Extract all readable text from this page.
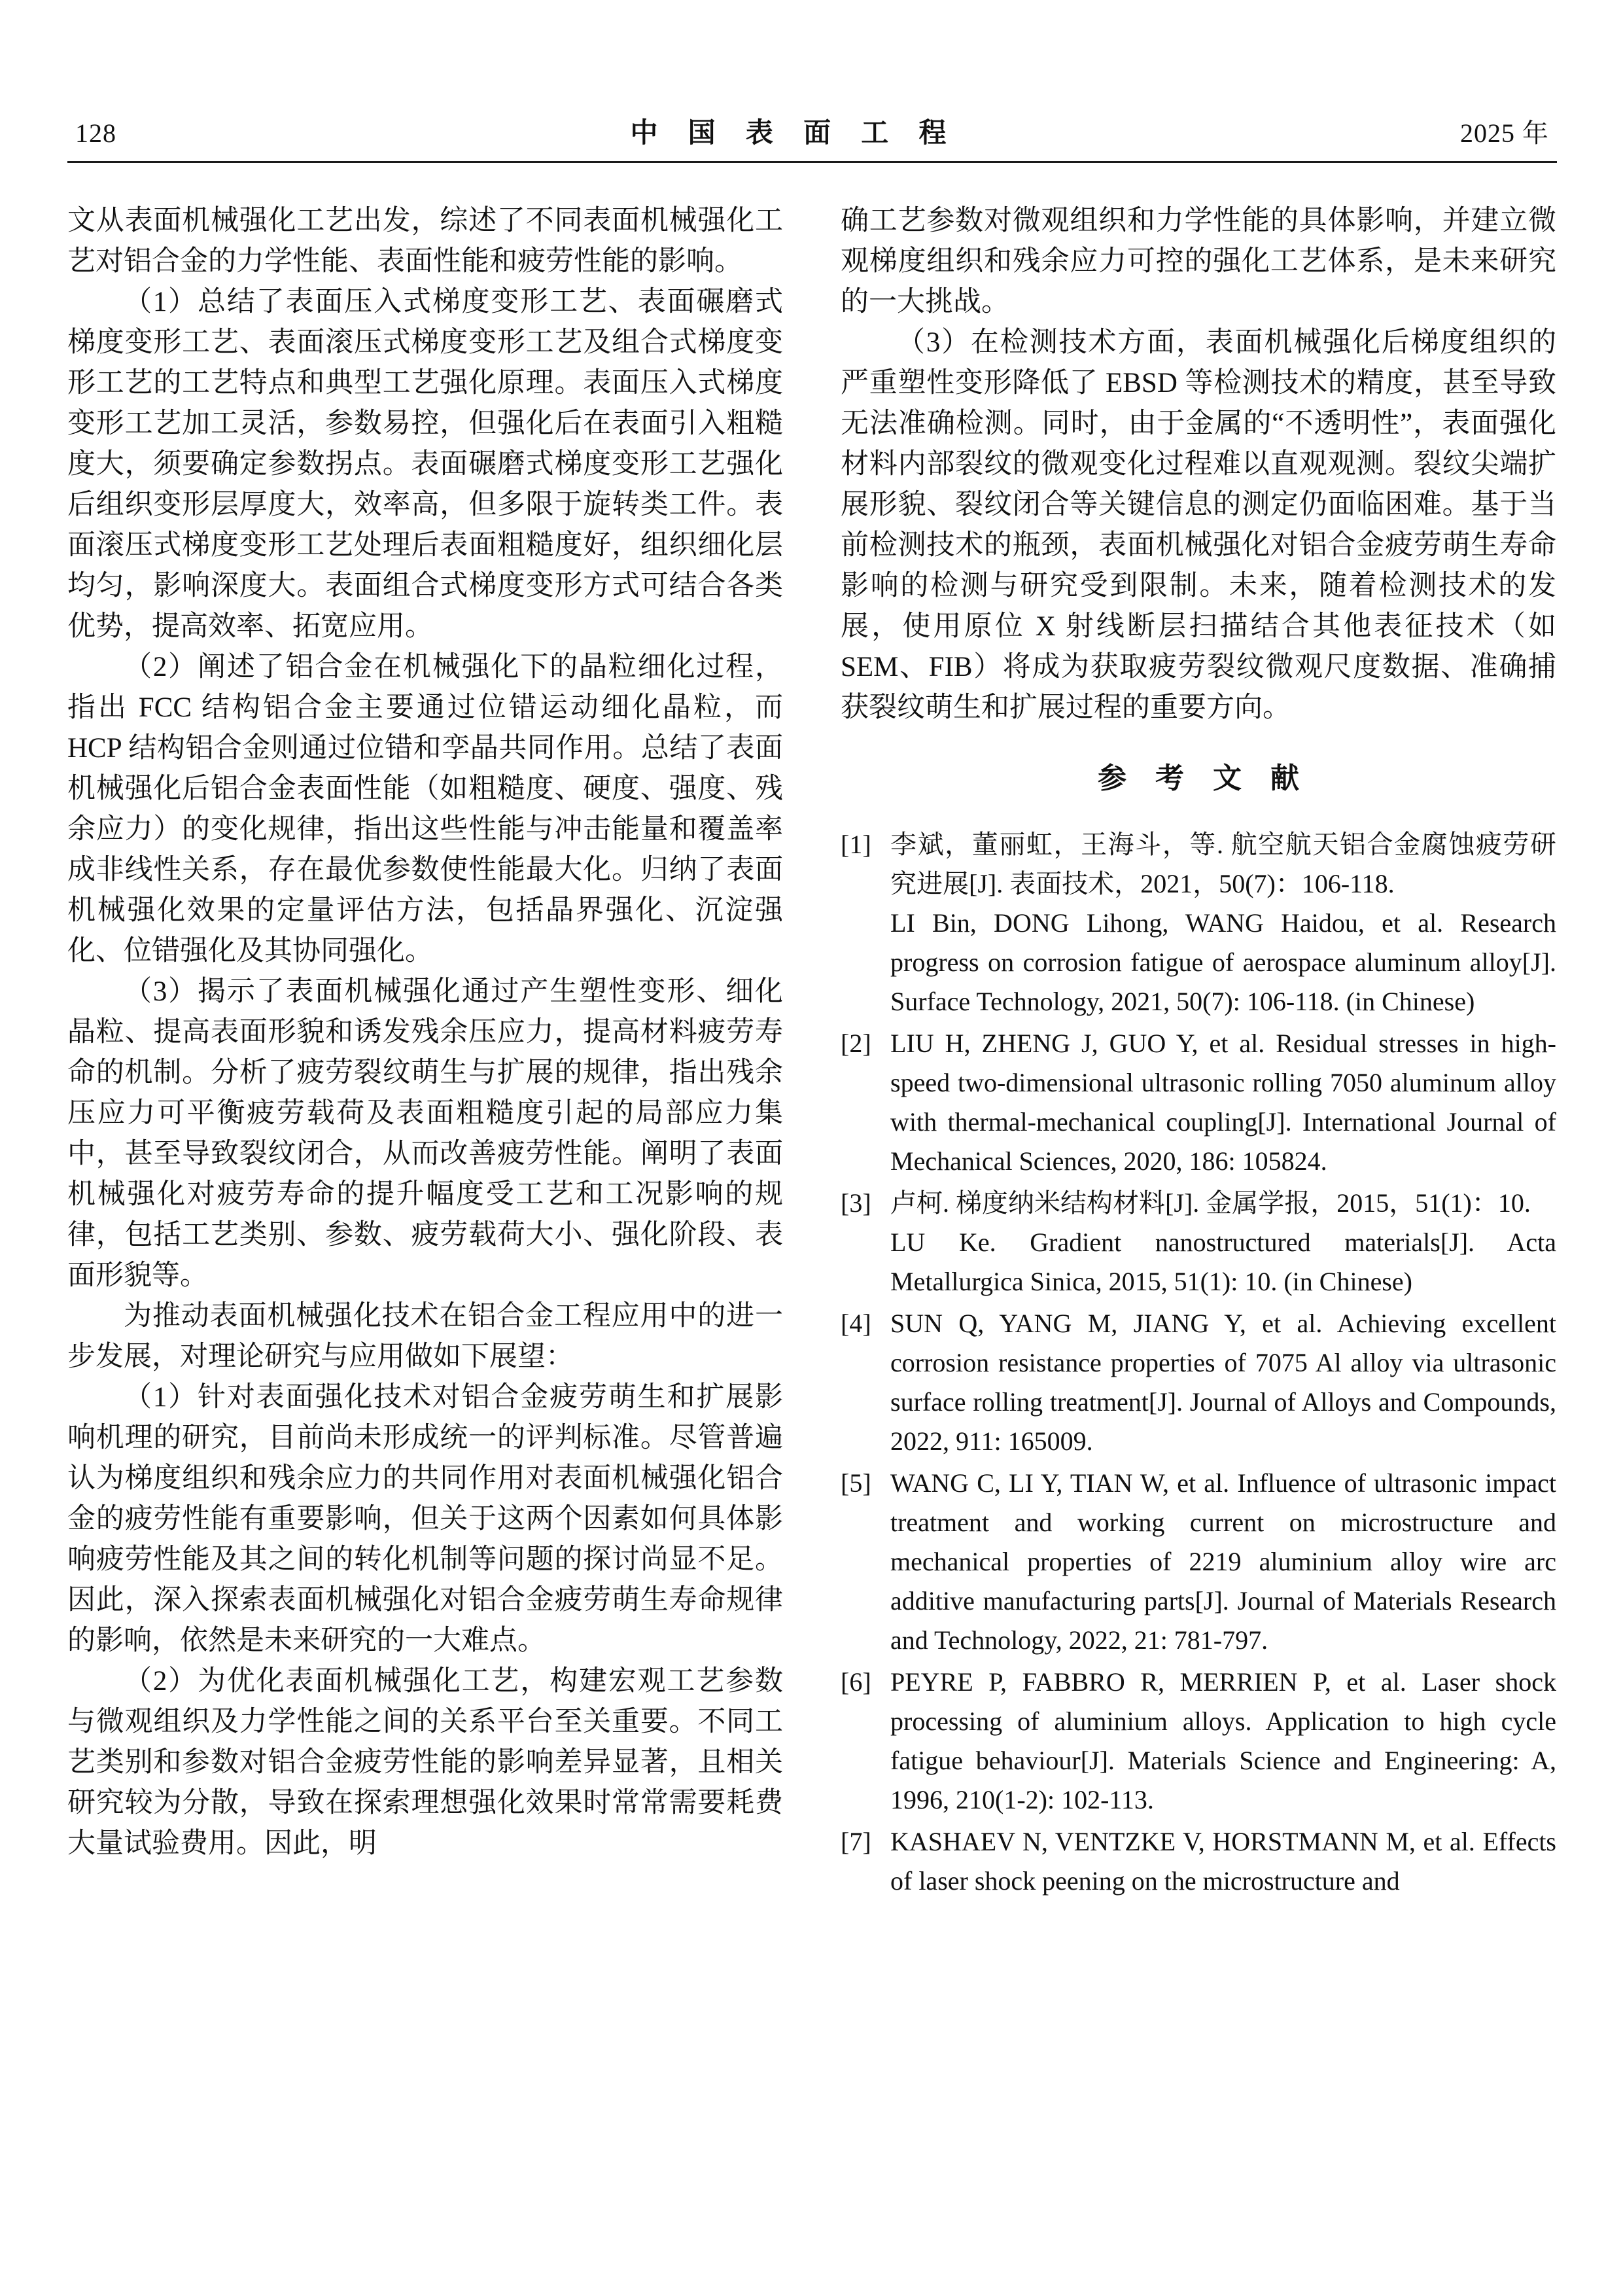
128	中国表面工程	2025 年

文从表面机械强化工艺出发，综述了不同表面机械强化工艺对铝合金的力学性能、表面性能和疲劳性能的影响。

（1）总结了表面压入式梯度变形工艺、表面碾磨式梯度变形工艺、表面滚压式梯度变形工艺及组合式梯度变形工艺的工艺特点和典型工艺强化原理。表面压入式梯度变形工艺加工灵活，参数易控，但强化后在表面引入粗糙度大，须要确定参数拐点。表面碾磨式梯度变形工艺强化后组织变形层厚度大，效率高，但多限于旋转类工件。表面滚压式梯度变形工艺处理后表面粗糙度好，组织细化层均匀，影响深度大。表面组合式梯度变形方式可结合各类优势，提高效率、拓宽应用。

（2）阐述了铝合金在机械强化下的晶粒细化过程，指出 FCC 结构铝合金主要通过位错运动细化晶粒，而 HCP 结构铝合金则通过位错和孪晶共同作用。总结了表面机械强化后铝合金表面性能（如粗糙度、硬度、强度、残余应力）的变化规律，指出这些性能与冲击能量和覆盖率成非线性关系，存在最优参数使性能最大化。归纳了表面机械强化效果的定量评估方法，包括晶界强化、沉淀强化、位错强化及其协同强化。

（3）揭示了表面机械强化通过产生塑性变形、细化晶粒、提高表面形貌和诱发残余压应力，提高材料疲劳寿命的机制。分析了疲劳裂纹萌生与扩展的规律，指出残余压应力可平衡疲劳载荷及表面粗糙度引起的局部应力集中，甚至导致裂纹闭合，从而改善疲劳性能。阐明了表面机械强化对疲劳寿命的提升幅度受工艺和工况影响的规律，包括工艺类别、参数、疲劳载荷大小、强化阶段、表面形貌等。

为推动表面机械强化技术在铝合金工程应用中的进一步发展，对理论研究与应用做如下展望：

（1）针对表面强化技术对铝合金疲劳萌生和扩展影响机理的研究，目前尚未形成统一的评判标准。尽管普遍认为梯度组织和残余应力的共同作用对表面机械强化铝合金的疲劳性能有重要影响，但关于这两个因素如何具体影响疲劳性能及其之间的转化机制等问题的探讨尚显不足。因此，深入探索表面机械强化对铝合金疲劳萌生寿命规律的影响，依然是未来研究的一大难点。

（2）为优化表面机械强化工艺，构建宏观工艺参数与微观组织及力学性能之间的关系平台至关重要。不同工艺类别和参数对铝合金疲劳性能的影响差异显著，且相关研究较为分散，导致在探索理想强化效果时常常需要耗费大量试验费用。因此，明

确工艺参数对微观组织和力学性能的具体影响，并建立微观梯度组织和残余应力可控的强化工艺体系，是未来研究的一大挑战。

（3）在检测技术方面，表面机械强化后梯度组织的严重塑性变形降低了 EBSD 等检测技术的精度，甚至导致无法准确检测。同时，由于金属的“不透明性”，表面强化材料内部裂纹的微观变化过程难以直观观测。裂纹尖端扩展形貌、裂纹闭合等关键信息的测定仍面临困难。基于当前检测技术的瓶颈，表面机械强化对铝合金疲劳萌生寿命影响的检测与研究受到限制。未来，随着检测技术的发展，使用原位 X 射线断层扫描结合其他表征技术（如 SEM、FIB）将成为获取疲劳裂纹微观尺度数据、准确捕获裂纹萌生和扩展过程的重要方向。

参考文献
[1] 李斌，董丽虹，王海斗，等. 航空航天铝合金腐蚀疲劳研究进展[J]. 表面技术，2021，50(7)：106-118.

LI Bin, DONG Lihong, WANG Haidou, et al. Research progress on corrosion fatigue of aerospace aluminum alloy[J]. Surface Technology, 2021, 50(7): 106-118. (in Chinese)

[2] LIU H, ZHENG J, GUO Y, et al. Residual stresses in high-speed two-dimensional ultrasonic rolling 7050 aluminum alloy with thermal-mechanical coupling[J]. International Journal of Mechanical Sciences, 2020, 186: 105824.

[3] 卢柯. 梯度纳米结构材料[J]. 金属学报，2015，51(1)：10.

LU Ke. Gradient nanostructured materials[J]. Acta Metallurgica Sinica, 2015, 51(1): 10. (in Chinese)

[4] SUN Q, YANG M, JIANG Y, et al. Achieving excellent corrosion resistance properties of 7075 Al alloy via ultrasonic surface rolling treatment[J]. Journal of Alloys and Compounds, 2022, 911: 165009.

[5] WANG C, LI Y, TIAN W, et al. Influence of ultrasonic impact treatment and working current on microstructure and mechanical properties of 2219 aluminium alloy wire arc additive manufacturing parts[J]. Journal of Materials Research and Technology, 2022, 21: 781-797.

[6] PEYRE P, FABBRO R, MERRIEN P, et al. Laser shock processing of aluminium alloys. Application to high cycle fatigue behaviour[J]. Materials Science and Engineering: A, 1996, 210(1-2): 102-113.

[7] KASHAEV N, VENTZKE V, HORSTMANN M, et al. Effects of laser shock peening on the microstructure and
